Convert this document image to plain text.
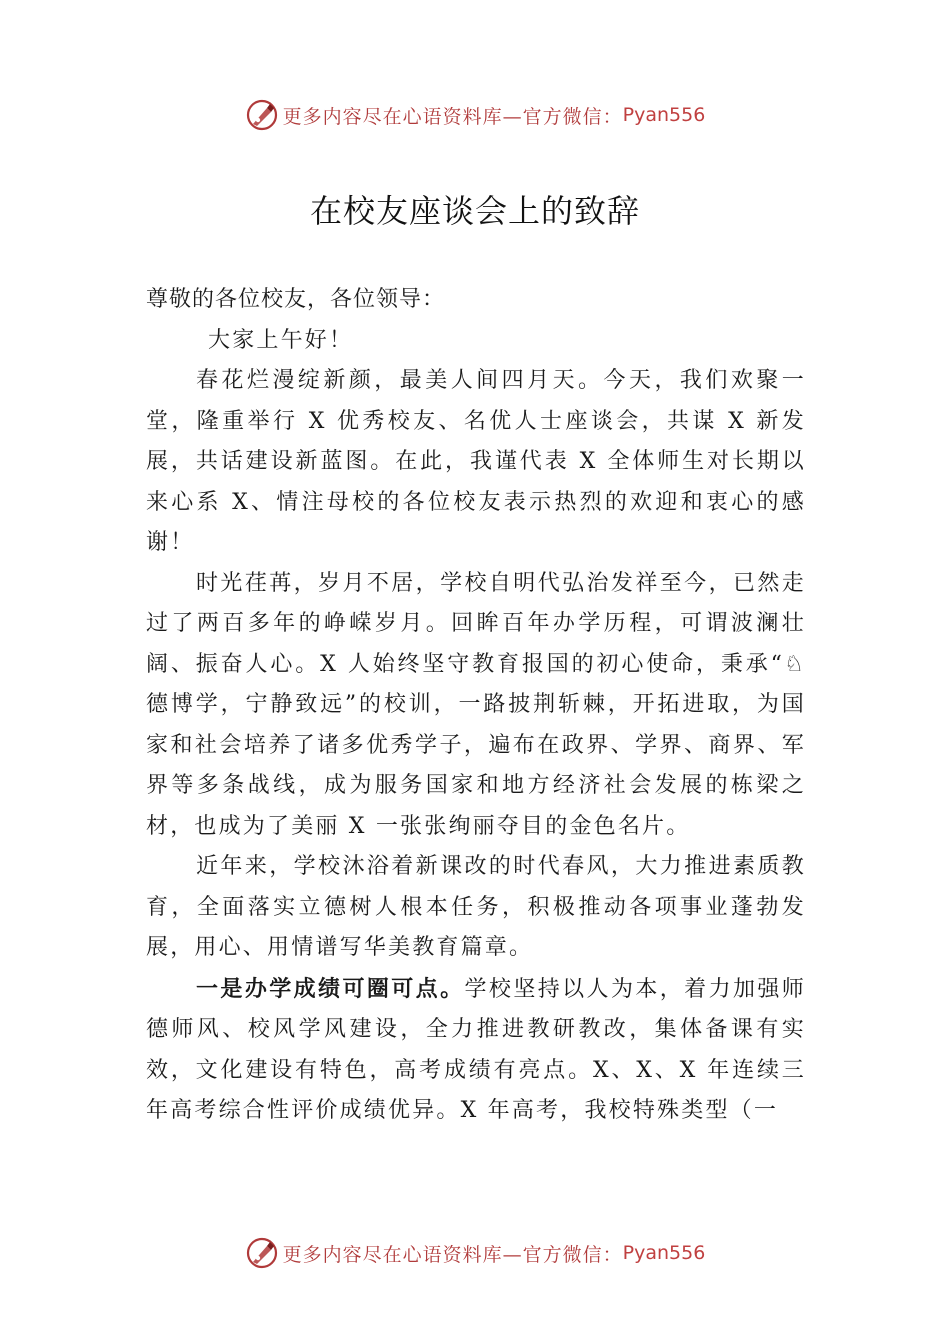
更多内容尽在心语资料库—官方微信： Pyan556
在校友座谈会上的致辞

尊敬的各位校友，各位领导：

大家上午好！

春花烂漫绽新颜，最美人间四月天。今天，我们欢聚一堂，隆重举行 X 优秀校友、名优人士座谈会，共谋 X 新发展，共话建设新蓝图。在此，我谨代表 X 全体师生对长期以来心系 X、情注母校的各位校友表示热烈的欢迎和衷心的感谢！

时光荏苒，岁月不居，学校自明代弘治发祥至今，已然走过了两百多年的峥嵘岁月。回眸百年办学历程，可谓波澜壮阔、振奋人心。X 人始终坚守教育报国的初心使命，秉承“♘德博学，宁静致远”的校训，一路披荆斩棘，开拓进取，为国家和社会培养了诸多优秀学子，遍布在政界、学界、商界、军界等多条战线，成为服务国家和地方经济社会发展的栋梁之材，也成为了美丽 X 一张张绚丽夺目的金色名片。

近年来，学校沐浴着新课改的时代春风，大力推进素质教育，全面落实立德树人根本任务，积极推动各项事业蓬勃发展，用心、用情谱写华美教育篇章。

一是办学成绩可圈可点。学校坚持以人为本，着力加强师德师风、校风学风建设，全力推进教研教改，集体备课有实效，文化建设有特色，高考成绩有亮点。X、X、X 年连续三年高考综合性评价成绩优异。X 年高考，我校特殊类型（一

更多内容尽在心语资料库—官方微信： Pyan556
